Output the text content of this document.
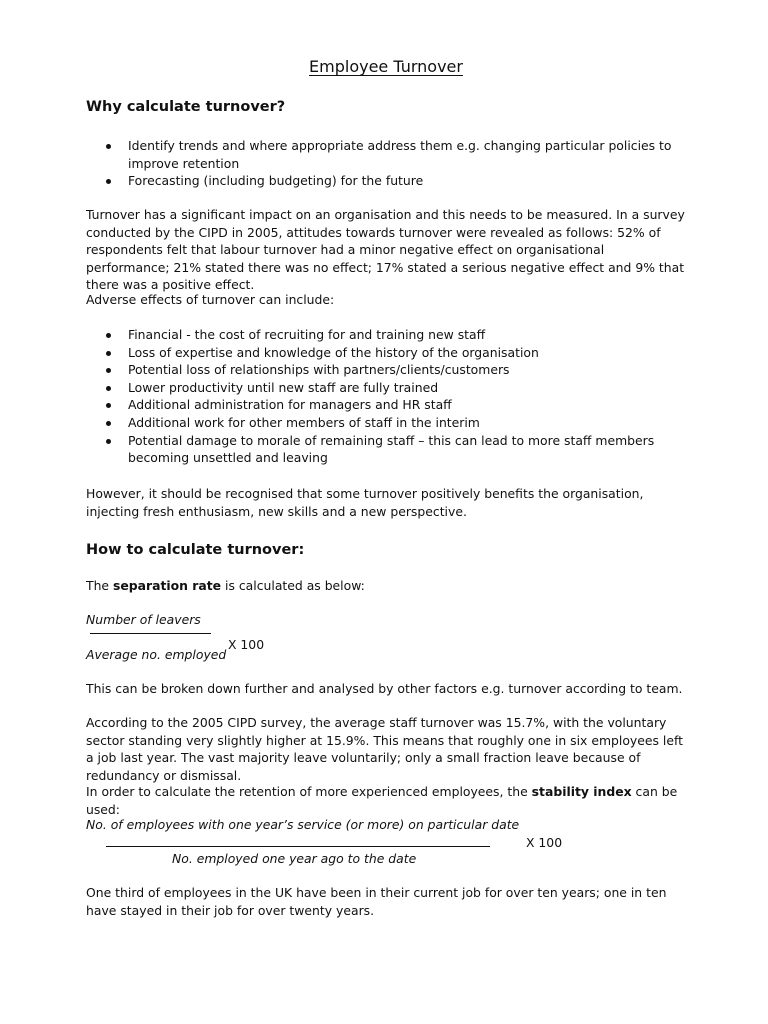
Employee Turnover
Why calculate turnover?
Identify trends and where appropriate address them e.g. changing particular policies to improve retention
Forecasting (including budgeting) for the future

Turnover has a significant impact on an organisation and this needs to be measured. In a survey conducted by the CIPD in 2005, attitudes towards turnover were revealed as follows: 52% of respondents felt that labour turnover had a minor negative effect on organisational performance; 21% stated there was no effect; 17% stated a serious negative effect and 9% that there was a positive effect.

Adverse effects of turnover can include:

Financial - the cost of recruiting for and training new staff
Loss of expertise and knowledge of the history of the organisation
Potential loss of relationships with partners/clients/customers
Lower productivity until new staff are fully trained
Additional administration for managers and HR staff
Additional work for other members of staff in the interim
Potential damage to morale of remaining staff – this can lead to more staff members becoming unsettled and leaving

However, it should be recognised that some turnover positively benefits the organisation, injecting fresh enthusiasm, new skills and a new perspective.

How to calculate turnover:

The separation rate is calculated as below:

Number of leavers

X 100

Average no. employed

This can be broken down further and analysed by other factors e.g. turnover according to team.

According to the 2005 CIPD survey, the average staff turnover was 15.7%, with the voluntary sector standing very slightly higher at 15.9%. This means that roughly one in six employees left a job last year. The vast majority leave voluntarily; only a small fraction leave because of redundancy or dismissal.

In order to calculate the retention of more experienced employees, the stability index can be used:

No. of employees with one year’s service (or more) on particular date

X 100

No. employed one year ago to the date

One third of employees in the UK have been in their current job for over ten years; one in ten have stayed in their job for over twenty years.
